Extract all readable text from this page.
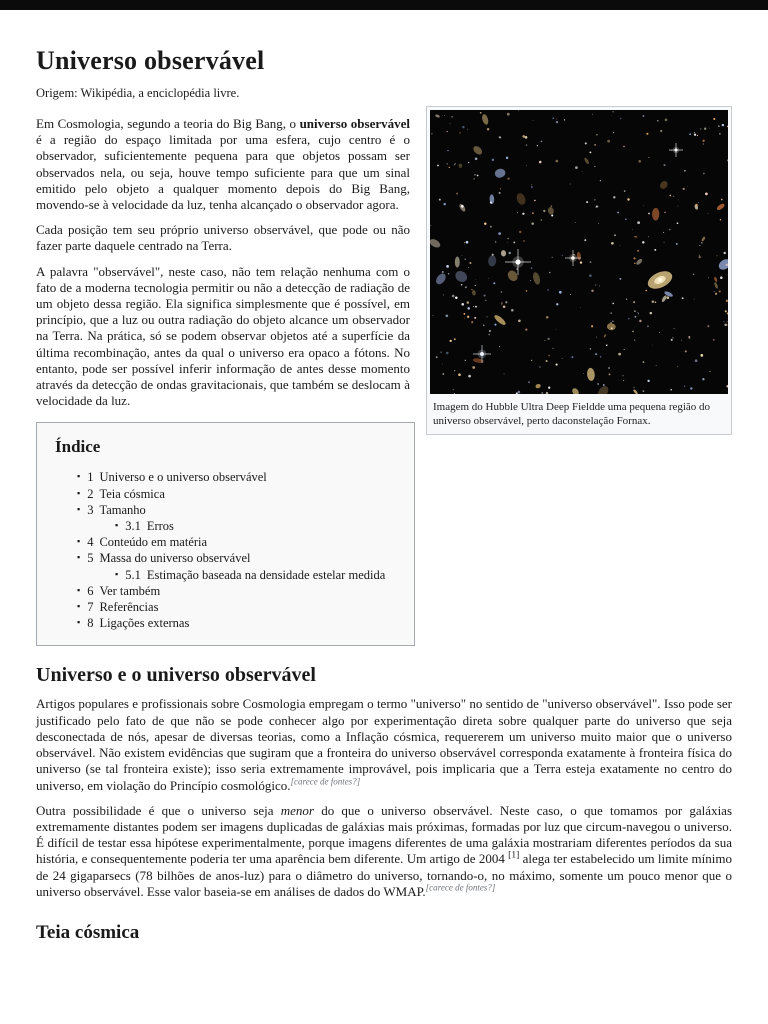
Universo observável

Origem: Wikipédia, a enciclopédia livre.

Imagem do Hubble Ultra Deep Fieldde uma pequena região do universo observável, perto daconstelação Fornax.

Em Cosmologia, segundo a teoria do Big Bang, o universo observável é a região do espaço limitada por uma esfera, cujo centro é o observador, suficientemente pequena para que objetos possam ser observados nela, ou seja, houve tempo suficiente para que um sinal emitido pelo objeto a qualquer momento depois do Big Bang, movendo-se à velocidade da luz, tenha alcançado o observador agora.

Cada posição tem seu próprio universo observável, que pode ou não fazer parte daquele centrado na Terra.

A palavra "observável", neste caso, não tem relação nenhuma com o fato de a moderna tecnologia permitir ou não a detecção de radiação de um objeto dessa região. Ela significa simplesmente que é possível, em princípio, que a luz ou outra radiação do objeto alcance um observador na Terra. Na prática, só se podem observar objetos até a superfície da última recombinação, antes da qual o universo era opaco a fótons. No entanto, pode ser possível inferir informação de antes desse momento através da detecção de ondas gravitacionais, que também se deslocam à velocidade da luz.

Índice
▪ 1 Universo e o universo observável
▪ 2 Teia cósmica
▪ 3 Tamanho
▪ 3.1 Erros
▪ 4 Conteúdo em matéria
▪ 5 Massa do universo observável
▪ 5.1 Estimação baseada na densidade estelar medida
▪ 6 Ver também
▪ 7 Referências
▪ 8 Ligações externas
Universo e o universo observável

Artigos populares e profissionais sobre Cosmologia empregam o termo "universo" no sentido de "universo observável". Isso pode ser justificado pelo fato de que não se pode conhecer algo por experimentação direta sobre qualquer parte do universo que seja desconectada de nós, apesar de diversas teorias, como a Inflação cósmica, requererem um universo muito maior que o universo observável. Não existem evidências que sugiram que a fronteira do universo observável corresponda exatamente à fronteira física do universo (se tal fronteira existe); isso seria extremamente improvável, pois implicaria que a Terra esteja exatamente no centro do universo, em violação do Princípio cosmológico.[carece de fontes?]

Outra possibilidade é que o universo seja menor do que o universo observável. Neste caso, o que tomamos por galáxias extremamente distantes podem ser imagens duplicadas de galáxias mais próximas, formadas por luz que circum-navegou o universo. É difícil de testar essa hipótese experimentalmente, porque imagens diferentes de uma galáxia mostrariam diferentes períodos da sua história, e consequentemente poderia ter uma aparência bem diferente. Um artigo de 2004 [1] alega ter estabelecido um limite mínimo de 24 gigaparsecs (78 bilhões de anos-luz) para o diâmetro do universo, tornando-o, no máximo, somente um pouco menor que o universo observável. Esse valor baseia-se em análises de dados do WMAP.[carece de fontes?]

Teia cósmica
